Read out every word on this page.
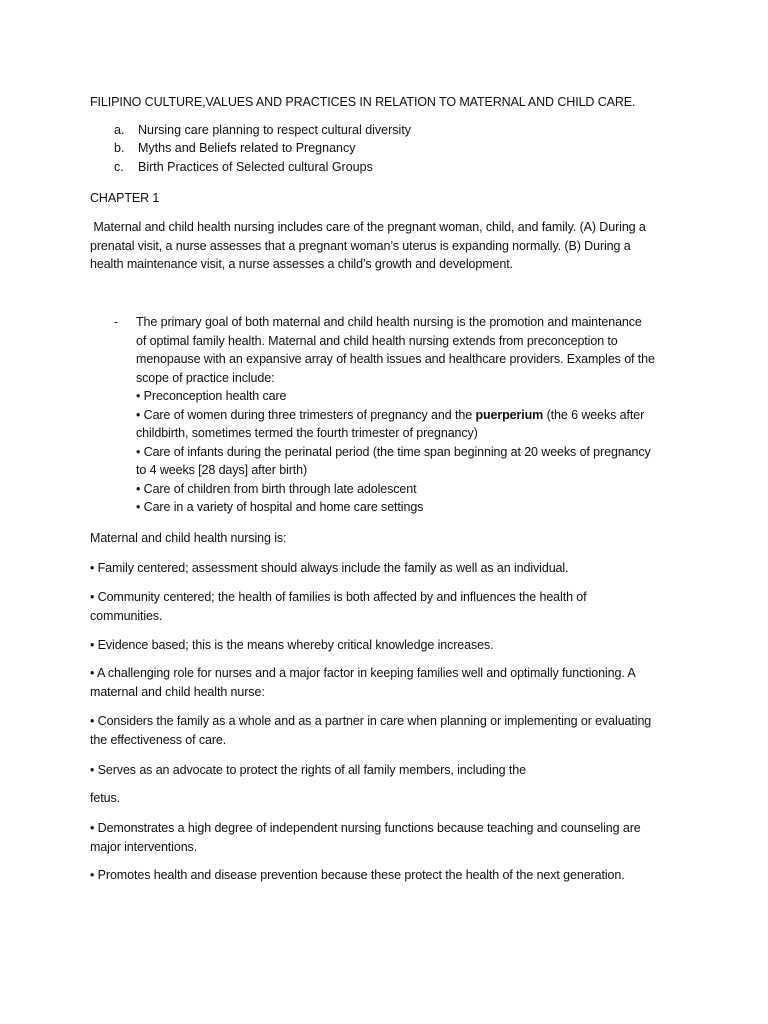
FILIPINO CULTURE,VALUES AND PRACTICES IN RELATION TO MATERNAL AND CHILD CARE.
a. Nursing care planning to respect cultural diversity
b. Myths and Beliefs related to Pregnancy
c. Birth Practices of Selected cultural Groups
CHAPTER 1
Maternal and child health nursing includes care of the pregnant woman, child, and family. (A) During a
prenatal visit, a nurse assesses that a pregnant woman’s uterus is expanding normally. (B) During a
health maintenance visit, a nurse assesses a child’s growth and development.
- The primary goal of both maternal and child health nursing is the promotion and maintenance
of optimal family health. Maternal and child health nursing extends from preconception to
menopause with an expansive array of health issues and healthcare providers. Examples of the
scope of practice include:
• Preconception health care
• Care of women during three trimesters of pregnancy and the puerperium (the 6 weeks after
childbirth, sometimes termed the fourth trimester of pregnancy)
• Care of infants during the perinatal period (the time span beginning at 20 weeks of pregnancy
to 4 weeks [28 days] after birth)
• Care of children from birth through late adolescent
• Care in a variety of hospital and home care settings
Maternal and child health nursing is:
• Family centered; assessment should always include the family as well as an individual.
• Community centered; the health of families is both affected by and influences the health of
communities.
• Evidence based; this is the means whereby critical knowledge increases.
• A challenging role for nurses and a major factor in keeping families well and optimally functioning. A
maternal and child health nurse:
• Considers the family as a whole and as a partner in care when planning or implementing or evaluating
the effectiveness of care.
• Serves as an advocate to protect the rights of all family members, including the
fetus.
• Demonstrates a high degree of independent nursing functions because teaching and counseling are
major interventions.
• Promotes health and disease prevention because these protect the health of the next generation.
